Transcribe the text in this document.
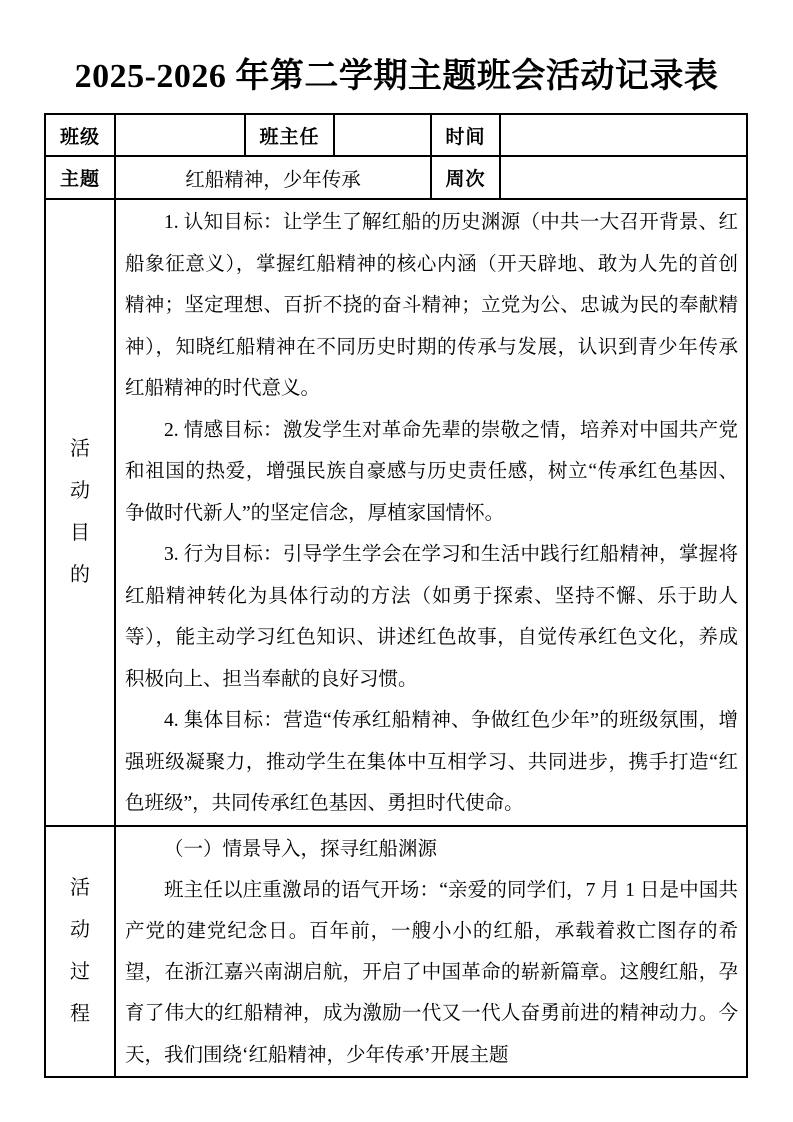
2025-2026 年第二学期主题班会活动记录表
班级		班主任		时间	
主题	红船精神，少年传承			周次	

活
动
目
的

1. 认知目标：让学生了解红船的历史渊源（中共一大召开背景、红船象征意义），掌握红船精神的核心内涵（开天辟地、敢为人先的首创精神；坚定理想、百折不挠的奋斗精神；立党为公、忠诚为民的奉献精神），知晓红船精神在不同历史时期的传承与发展，认识到青少年传承红船精神的时代意义。

2. 情感目标：激发学生对革命先辈的崇敬之情，培养对中国共产党和祖国的热爱，增强民族自豪感与历史责任感，树立“传承红色基因、争做时代新人”的坚定信念，厚植家国情怀。

3. 行为目标：引导学生学会在学习和生活中践行红船精神，掌握将红船精神转化为具体行动的方法（如勇于探索、坚持不懈、乐于助人等），能主动学习红色知识、讲述红色故事，自觉传承红色文化，养成积极向上、担当奉献的良好习惯。

4. 集体目标：营造“传承红船精神、争做红色少年”的班级氛围，增强班级凝聚力，推动学生在集体中互相学习、共同进步，携手打造“红色班级”，共同传承红色基因、勇担时代使命。

活
动
过
程

（一）情景导入，探寻红船渊源

班主任以庄重激昂的语气开场：“亲爱的同学们，7 月 1 日是中国共产党的建党纪念日。百年前，一艘小小的红船，承载着救亡图存的希望，在浙江嘉兴南湖启航，开启了中国革命的崭新篇章。这艘红船，孕育了伟大的红船精神，成为激励一代又一代人奋勇前进的精神动力。今天，我们围绕‘红船精神，少年传承’开展主题
